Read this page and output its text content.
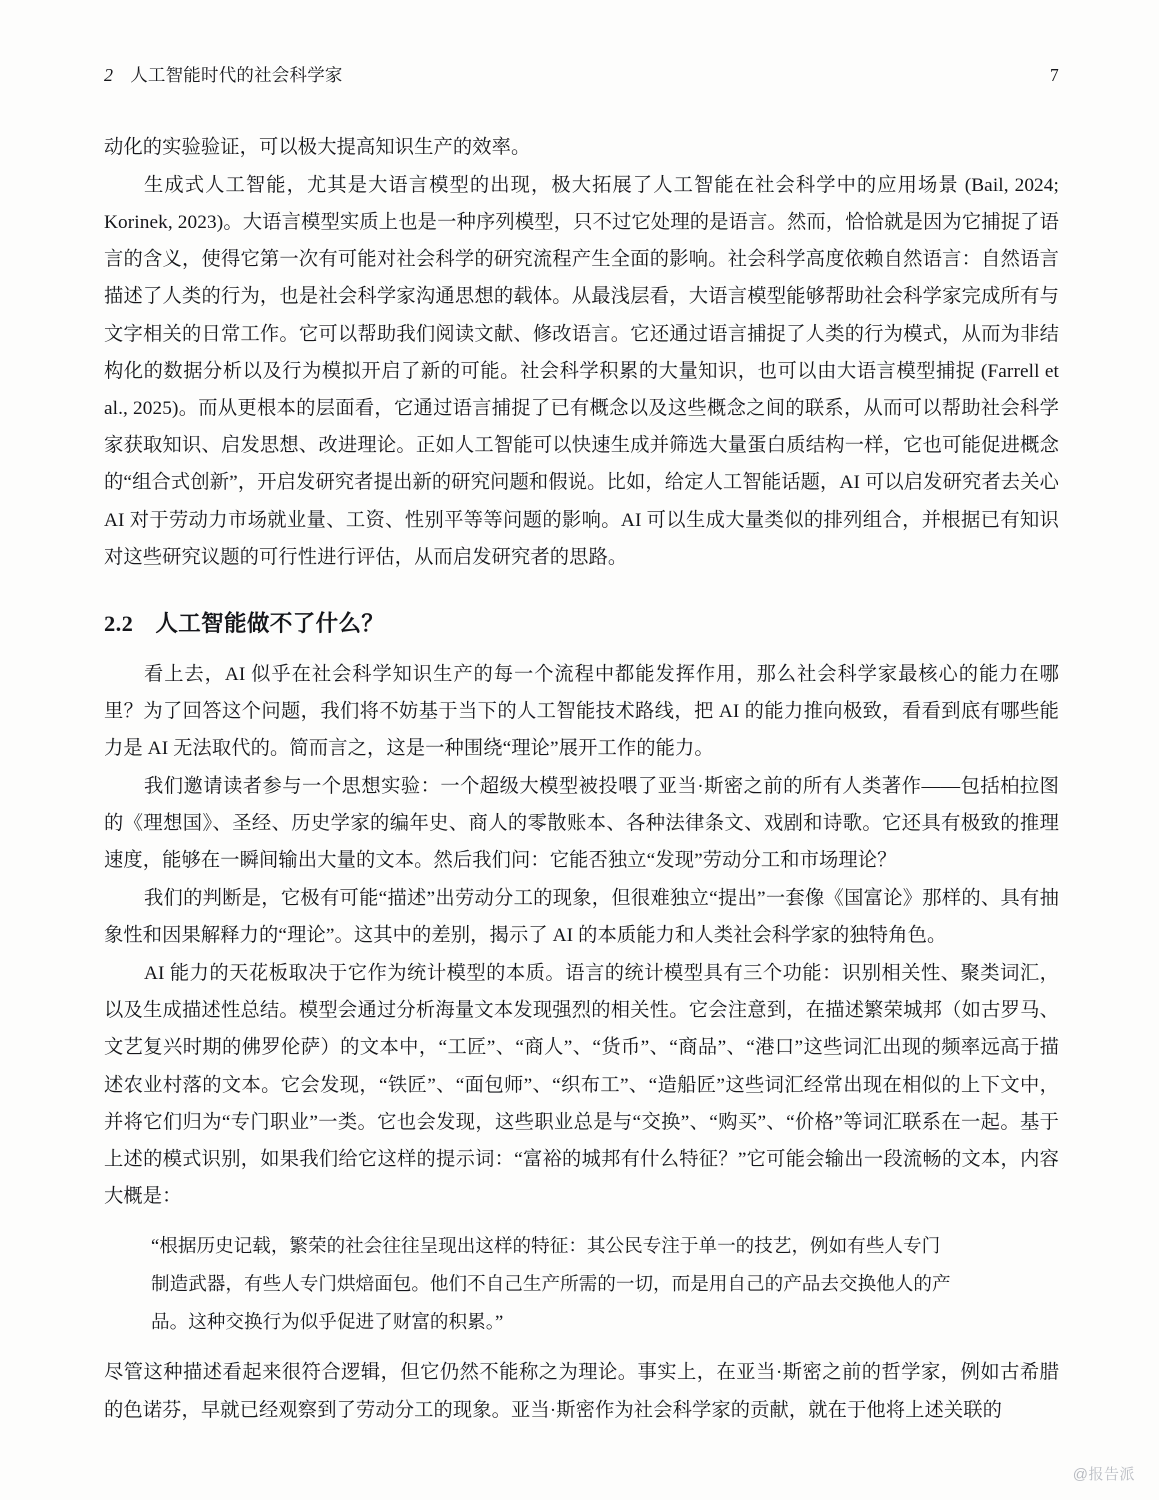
2 人工智能时代的社会科学家	7

动化的实验验证，可以极大提高知识生产的效率。

生成式人工智能，尤其是大语言模型的出现，极大拓展了人工智能在社会科学中的应用场景 (Bail, 2024; Korinek, 2023)。大语言模型实质上也是一种序列模型，只不过它处理的是语言。然而，恰恰就是因为它捕捉了语言的含义，使得它第一次有可能对社会科学的研究流程产生全面的影响。社会科学高度依赖自然语言：自然语言描述了人类的行为，也是社会科学家沟通思想的载体。从最浅层看，大语言模型能够帮助社会科学家完成所有与文字相关的日常工作。它可以帮助我们阅读文献、修改语言。它还通过语言捕捉了人类的行为模式，从而为非结构化的数据分析以及行为模拟开启了新的可能。社会科学积累的大量知识，也可以由大语言模型捕捉 (Farrell et al., 2025)。而从更根本的层面看，它通过语言捕捉了已有概念以及这些概念之间的联系，从而可以帮助社会科学家获取知识、启发思想、改进理论。正如人工智能可以快速生成并筛选大量蛋白质结构一样，它也可能促进概念的“组合式创新”，开启发研究者提出新的研究问题和假说。比如，给定人工智能话题，AI 可以启发研究者去关心 AI 对于劳动力市场就业量、工资、性别平等等问题的影响。AI 可以生成大量类似的排列组合，并根据已有知识对这些研究议题的可行性进行评估，从而启发研究者的思路。

2.2 人工智能做不了什么？

看上去，AI 似乎在社会科学知识生产的每一个流程中都能发挥作用，那么社会科学家最核心的能力在哪里？为了回答这个问题，我们将不妨基于当下的人工智能技术路线，把 AI 的能力推向极致，看看到底有哪些能力是 AI 无法取代的。简而言之，这是一种围绕“理论”展开工作的能力。

我们邀请读者参与一个思想实验：一个超级大模型被投喂了亚当·斯密之前的所有人类著作——包括柏拉图的《理想国》、圣经、历史学家的编年史、商人的零散账本、各种法律条文、戏剧和诗歌。它还具有极致的推理速度，能够在一瞬间输出大量的文本。然后我们问：它能否独立“发现”劳动分工和市场理论？

我们的判断是，它极有可能“描述”出劳动分工的现象，但很难独立“提出”一套像《国富论》那样的、具有抽象性和因果解释力的“理论”。这其中的差别，揭示了 AI 的本质能力和人类社会科学家的独特角色。

AI 能力的天花板取决于它作为统计模型的本质。语言的统计模型具有三个功能：识别相关性、聚类词汇，以及生成描述性总结。模型会通过分析海量文本发现强烈的相关性。它会注意到，在描述繁荣城邦（如古罗马、文艺复兴时期的佛罗伦萨）的文本中，“工匠”、“商人”、“货币”、“商品”、“港口”这些词汇出现的频率远高于描述农业村落的文本。它会发现，“铁匠”、“面包师”、“织布工”、“造船匠”这些词汇经常出现在相似的上下文中，并将它们归为“专门职业”一类。它也会发现，这些职业总是与“交换”、“购买”、“价格”等词汇联系在一起。基于上述的模式识别，如果我们给它这样的提示词：“富裕的城邦有什么特征？”它可能会输出一段流畅的文本，内容大概是：

“根据历史记载，繁荣的社会往往呈现出这样的特征：其公民专注于单一的技艺，例如有些人专门
制造武器，有些人专门烘焙面包。他们不自己生产所需的一切，而是用自己的产品去交换他人的产
品。这种交换行为似乎促进了财富的积累。”

尽管这种描述看起来很符合逻辑，但它仍然不能称之为理论。事实上，在亚当·斯密之前的哲学家，例如古希腊的色诺芬，早就已经观察到了劳动分工的现象。亚当·斯密作为社会科学家的贡献，就在于他将上述关联的

@报告派
